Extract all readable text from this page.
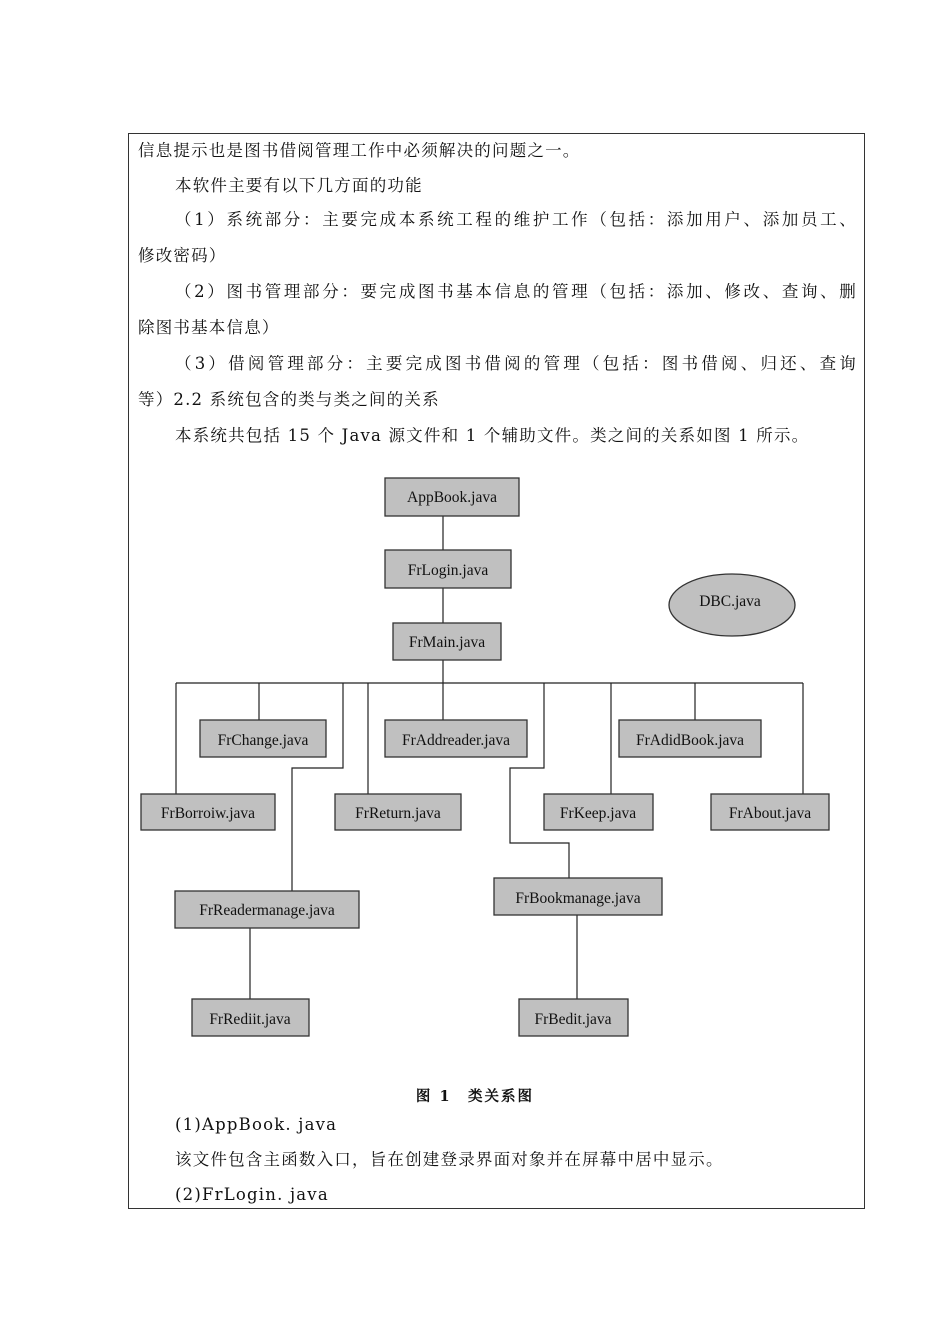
信息提示也是图书借阅管理工作中必须解决的问题之一。
本软件主要有以下几方面的功能
（1）系统部分：主要完成本系统工程的维护工作（包括：添加用户、添加员工、
修改密码）
（2）图书管理部分：要完成图书基本信息的管理（包括：添加、修改、查询、删
除图书基本信息）
（3）借阅管理部分：主要完成图书借阅的管理（包括：图书借阅、归还、查询
等）2.2 系统包含的类与类之间的关系
本系统共包括 15 个 Java 源文件和 1 个辅助文件。类之间的关系如图 1 所示。
AppBook.java
FrLogin.java
FrMain.java
DBC.java
FrChange.java	FrAddreader.java	FrAdidBook.java
FrBorroiw.java	FrReturn.java	FrKeep.java	FrAbout.java
FrReadermanage.java
FrBookmanage.java
FrRediit.java	FrBedit.java
图 1　类关系图
(1)AppBook. java
该文件包含主函数入口，旨在创建登录界面对象并在屏幕中居中显示。
(2)FrLogin. java
